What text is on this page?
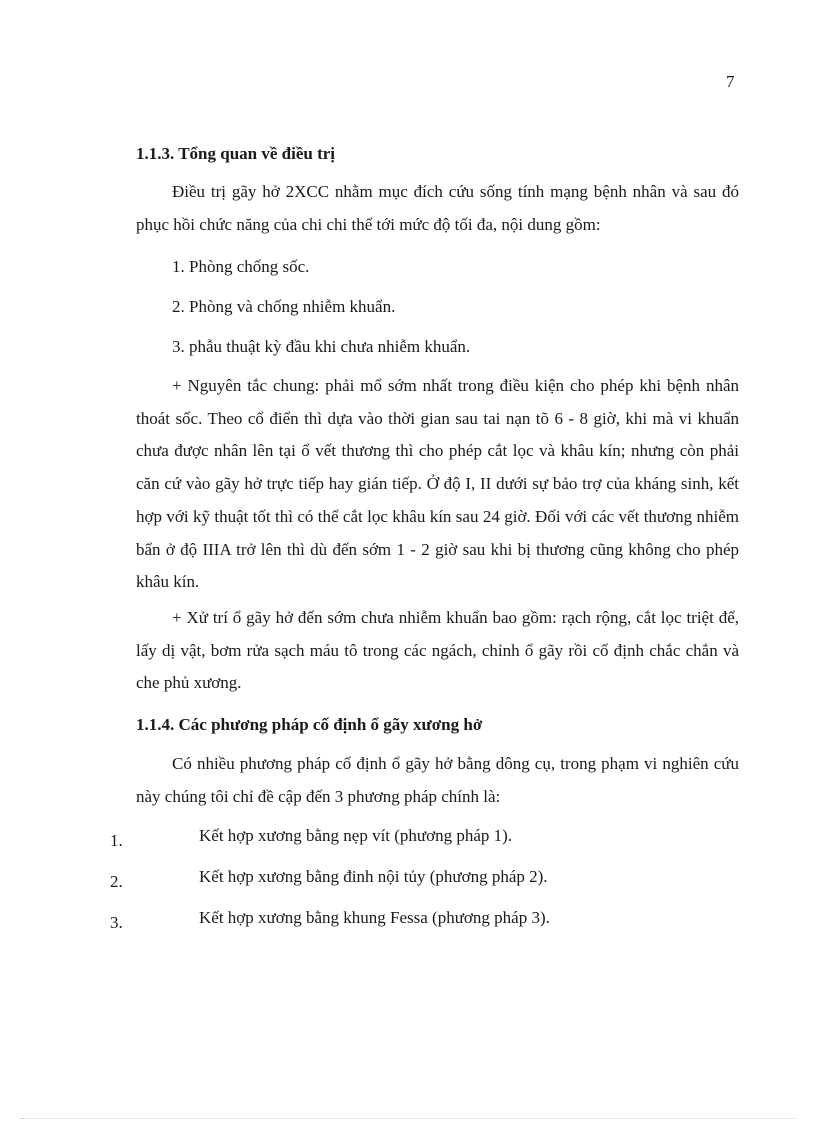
7
1.1.3. Tổng quan về điều trị

Điều trị gãy hở 2XCC nhằm mục đích cứu sống tính mạng bệnh nhân và sau đó phục hồi chức năng của chi chi thể tới mức độ tối đa, nội dung gồm:

1. Phòng chống sốc.
2. Phòng và chống nhiễm khuẩn.
3. phẫu thuật kỳ đầu khi chưa nhiễm khuẩn.

+ Nguyên tắc chung: phải mổ sớm nhất trong điều kiện cho phép khi bệnh nhân thoát sốc. Theo cổ điển thì dựa vào thời gian sau tai nạn tõ 6 - 8 giờ, khi mà vi khuẩn chưa được nhân lên tại ổ vết thương thì cho phép cắt lọc và khâu kín; nhưng còn phải căn cứ vào gãy hở trực tiếp hay gián tiếp. Ở độ I, II dưới sự bảo trợ của kháng sinh, kết hợp với kỹ thuật tốt thì có thể cắt lọc khâu kín sau 24 giờ. Đối với các vết thương nhiễm bẩn ở độ IIIA trở lên thì dù đến sớm 1 - 2 giờ sau khi bị thương cũng không cho phép khâu kín.

+ Xử trí ổ gãy hở đến sớm chưa nhiễm khuẩn bao gồm: rạch rộng, cắt lọc triệt để, lấy dị vật, bơm rửa sạch máu tô trong các ngách, chỉnh ổ gãy rồi cố định chắc chắn và che phủ xương.

1.1.4. Các phương pháp cố định ổ gãy xương hở

Có nhiều phương pháp cố định ổ gãy hở bằng dông cụ, trong phạm vi nghiên cứu này chúng tôi chỉ đề cập đến 3 phương pháp chính là:

1.	Kết hợp xương bằng nẹp vít (phương pháp 1).
2.	Kết hợp xương bằng đinh nội tủy (phương pháp 2).
3.	Kết hợp xương bằng khung Fessa (phương pháp 3).
